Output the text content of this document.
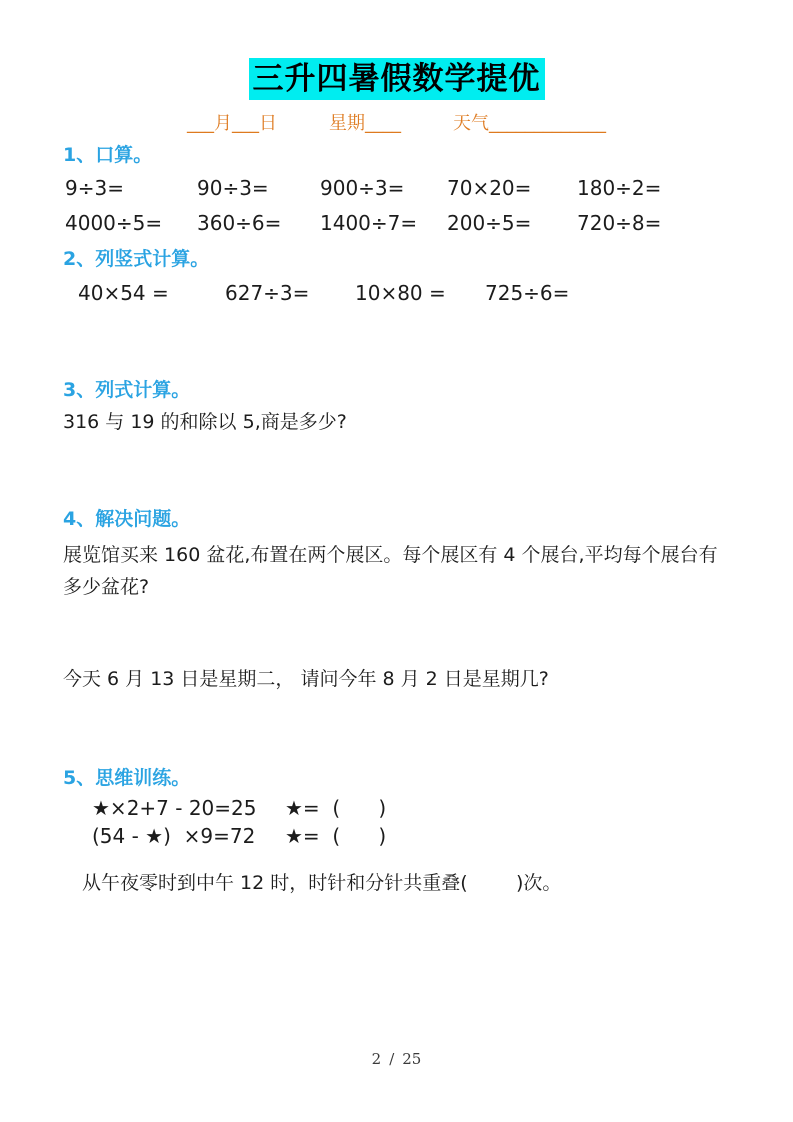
三升四暑假数学提优
___月___日	星期____	天气_____________
1、口算。
9÷3=	90÷3=	900÷3=	70×20=	180÷2=
4000÷5=	360÷6=	1400÷7=	200÷5=	720÷8=
2、列竖式计算。
40×54 =	627÷3=	10×80 =	725÷6=
3、列式计算。
316 与 19 的和除以 5,商是多少?
4、解决问题。
展览馆买来 160 盆花,布置在两个展区。每个展区有 4 个展台,平均每个展台有多少盆花?
今天 6 月 13 日是星期二， 请问今年 8 月 2 日是星期几?
5、思维训练。
★×2+7 - 20=25	★=  (      )
(54 - ★)  ×9=72	★=  (      )
从午夜零时到中午 12 时，时针和分针共重叠(        )次。
2 / 25
